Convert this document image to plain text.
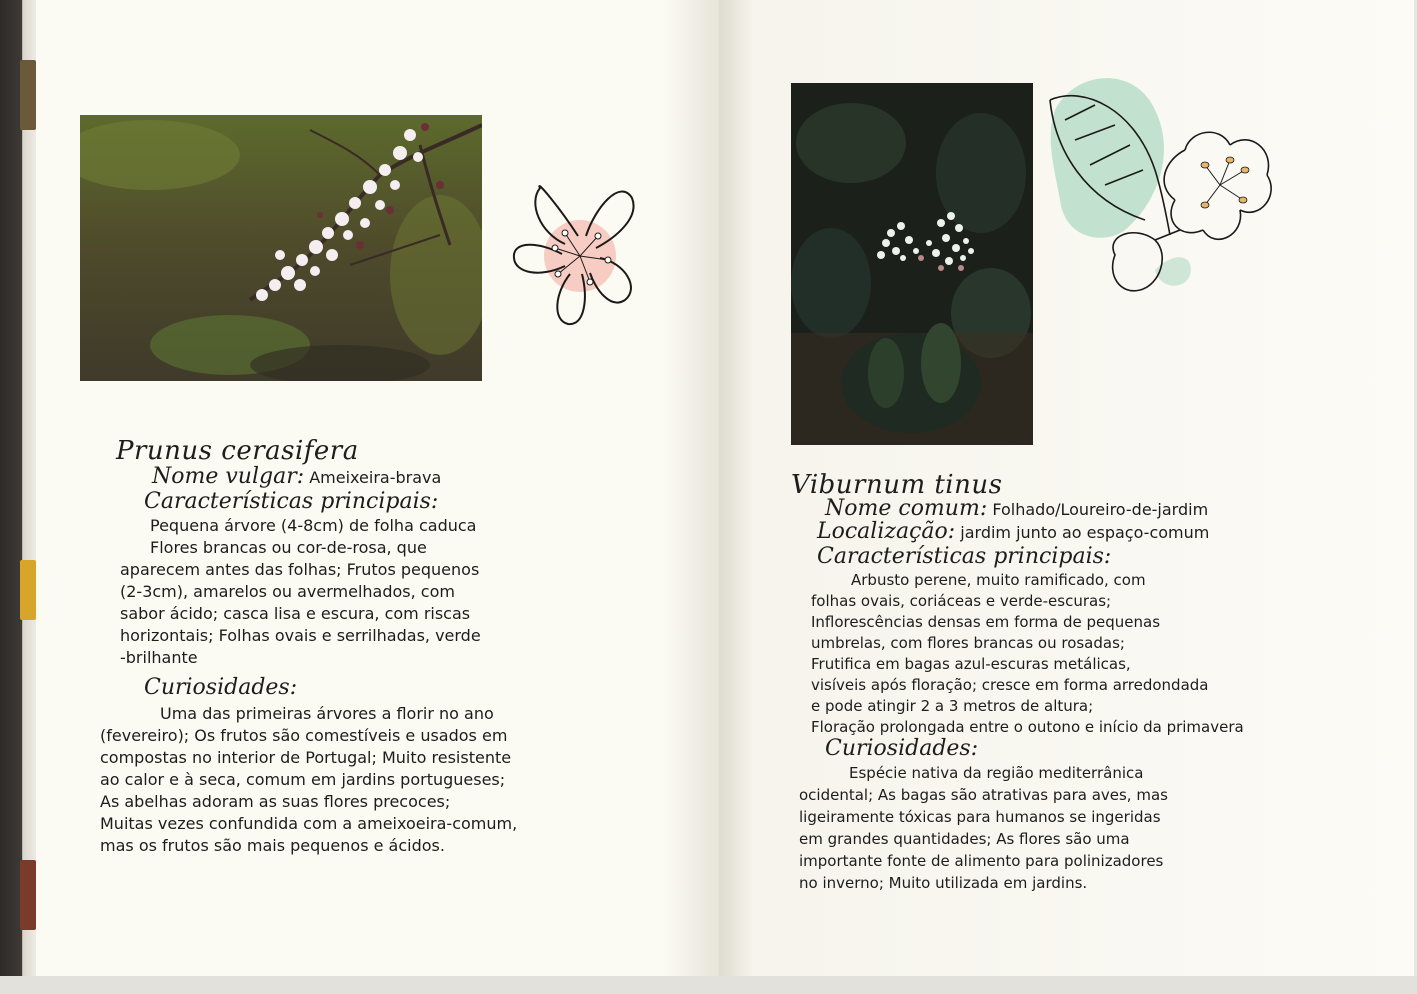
Prunus cerasifera
Nome vulgar: Ameixeira-brava
Características principais:
Pequena árvore (4-8cm) de folha caduca
Flores brancas ou cor-de-rosa, que
aparecem antes das folhas; Frutos pequenos
(2-3cm), amarelos ou avermelhados, com
sabor ácido; casca lisa e escura, com riscas
horizontais; Folhas ovais e serrilhadas, verde
-brilhante
Curiosidades:
Uma das primeiras árvores a florir no ano
(fevereiro); Os frutos são comestíveis e usados em
compostas no interior de Portugal; Muito resistente
ao calor e à seca, comum em jardins portugueses;
As abelhas adoram as suas flores precoces;
Muitas vezes confundida com a ameixoeira-comum,
mas os frutos são mais pequenos e ácidos.
Viburnum tinus
Nome comum: Folhado/Loureiro-de-jardim
Localização: jardim junto ao espaço-comum
Características principais:
Arbusto perene, muito ramificado, com
folhas ovais, coriáceas e verde-escuras;
Inflorescências densas em forma de pequenas
umbrelas, com flores brancas ou rosadas;
Frutifica em bagas azul-escuras metálicas,
visíveis após floração; cresce em forma arredondada
e pode atingir 2 a 3 metros de altura;
Floração prolongada entre o outono e início da primavera
Curiosidades:
Espécie nativa da região mediterrânica
ocidental; As bagas são atrativas para aves, mas
ligeiramente tóxicas para humanos se ingeridas
em grandes quantidades; As flores são uma
importante fonte de alimento para polinizadores
no inverno; Muito utilizada em jardins.
